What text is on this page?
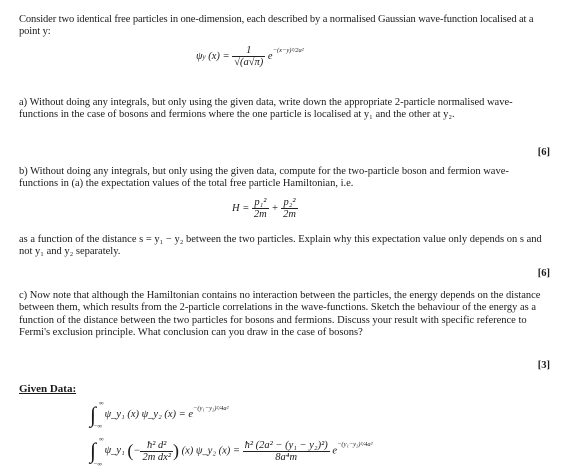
Consider two identical free particles in one-dimension, each described by a normalised Gaussian wave-function localised at a point y:

ψy $(x) = \frac{1}{√(a√\pi)} e^{-(x-y)^2/2a^2}$

a) Without doing any integrals, but only using the given data, write down the appropriate 2-particle normalised wave-functions in the case of bosons and fermions where the one particle is localised at y₁ and the other at y₂.

[6]

b) Without doing any integrals, but only using the given data, compute for the two-particle boson and fermion wave-functions in (a) the expectation values of the total free particle Hamiltonian, i.e.

$H = \frac{\text{p₁²}}{2m} + \frac{\text{p₂²}}{2m}$

as a function of the distance s = y₁ − y₂ between the two particles. Explain why this expectation value only depends on s and not y₁ and y₂ separately.

[6]

c) Now note that although the Hamiltonian contains no interaction between the particles, the energy depends on the distance between them, which results from the 2-particle correlations in the wave-functions. Sketch the behaviour of the energy as a function of the distance between the two particles for bosons and fermions. Discuss your result with specific reference to Fermi's exclusion principle. What conclusion can you draw in the case of bosons?

[3]
Given Data:
∫ ∞
−∞
ψ_y₁ (x) ψ_y₂ $(x) = e^{-(y_1-y_2)^2/4a^2}$
∫ ∞
−∞
ψ_y₁ (− $\frac{\text{ħ² d²}}{\text{2m dx²}}$ ) (x) ψ_y₂ $(x) = \frac{\text{ħ² (2a² − (y₁ − y₂)²)}}{\text{8a⁴m}} e^{-(y_1-y_2)^2/4a^2}$
